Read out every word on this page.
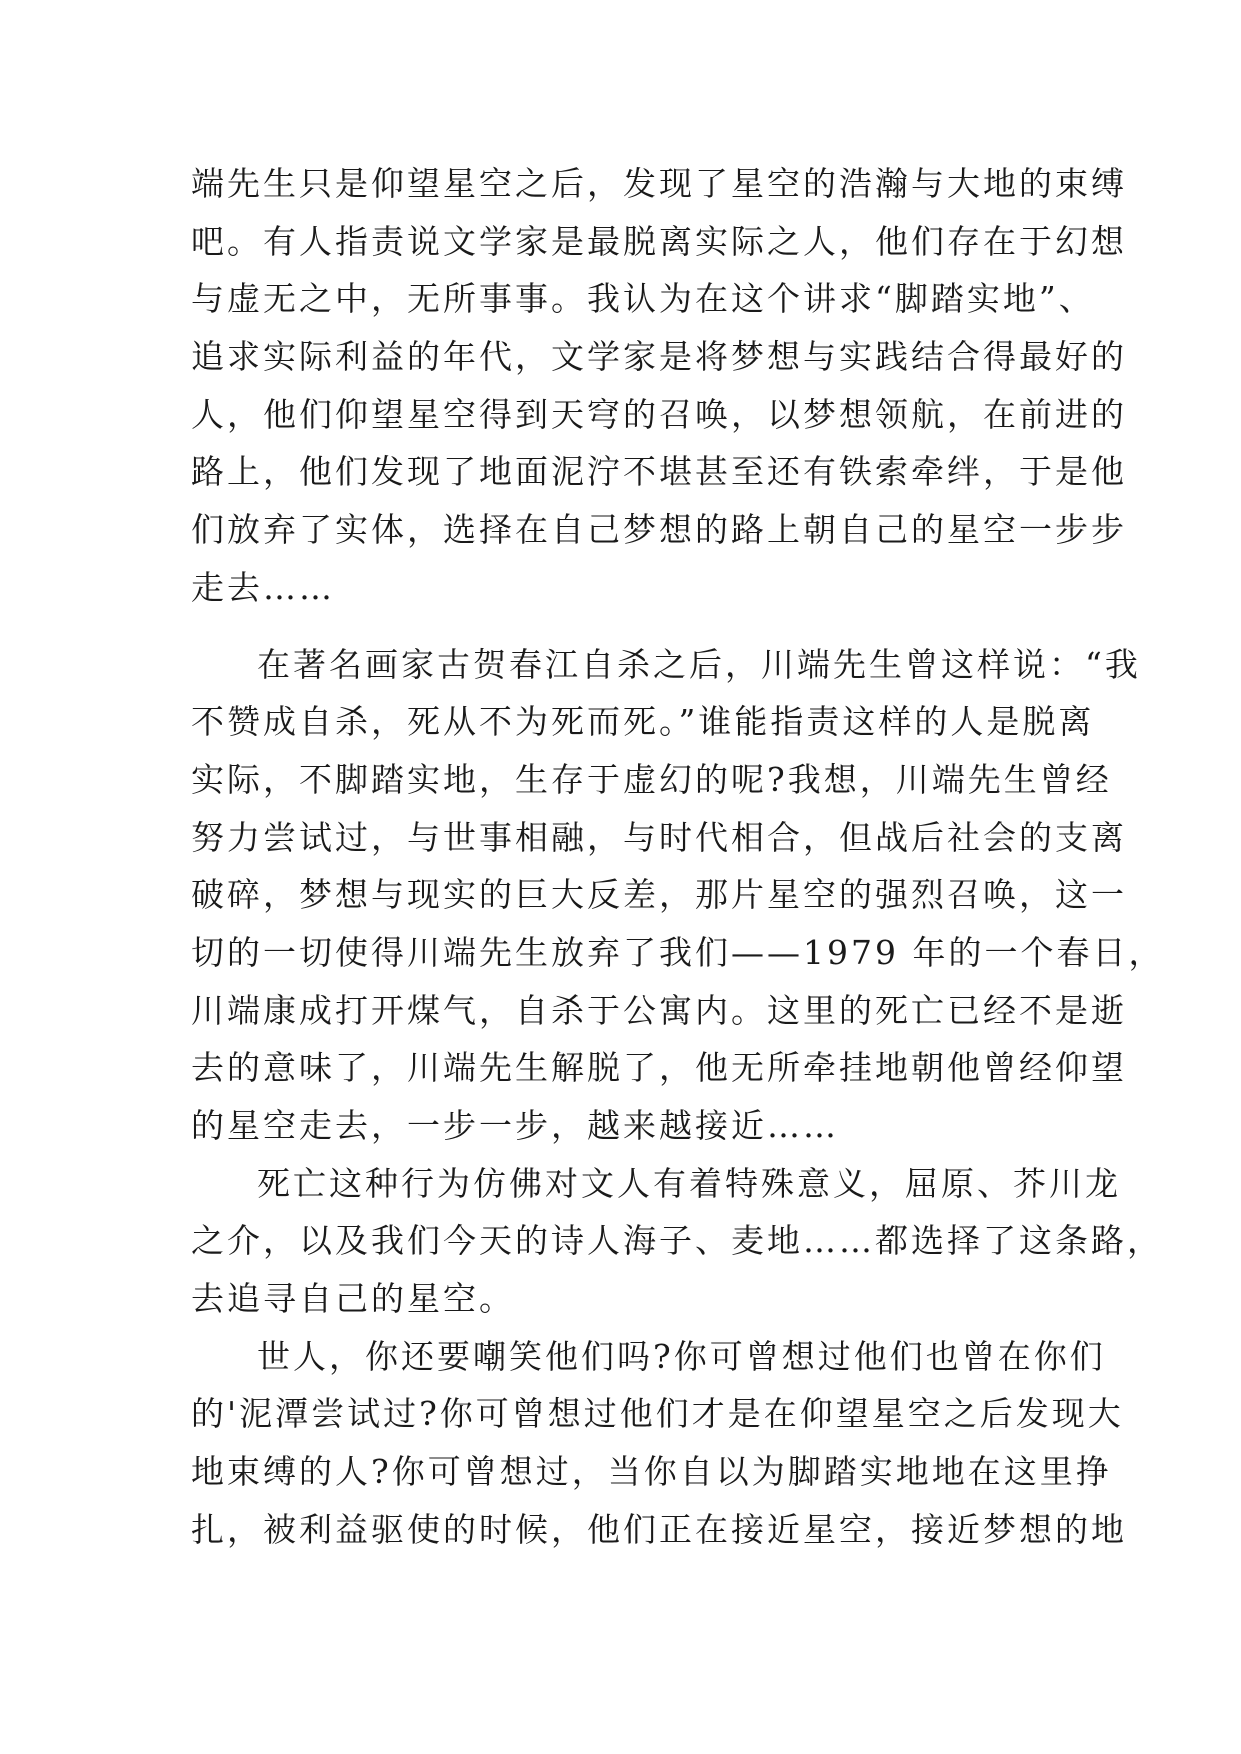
端先生只是仰望星空之后，发现了星空的浩瀚与大地的束缚
吧。有人指责说文学家是最脱离实际之人，他们存在于幻想
与虚无之中，无所事事。我认为在这个讲求“脚踏实地”、
追求实际利益的年代，文学家是将梦想与实践结合得最好的
人，他们仰望星空得到天穹的召唤，以梦想领航，在前进的
路上，他们发现了地面泥泞不堪甚至还有铁索牵绊，于是他
们放弃了实体，选择在自己梦想的路上朝自己的星空一步步
走去……
在著名画家古贺春江自杀之后，川端先生曾这样说：“我
不赞成自杀，死从不为死而死。”谁能指责这样的人是脱离
实际，不脚踏实地，生存于虚幻的呢?我想，川端先生曾经
努力尝试过，与世事相融，与时代相合，但战后社会的支离
破碎，梦想与现实的巨大反差，那片星空的强烈召唤，这一
切的一切使得川端先生放弃了我们——1979 年的一个春日，
川端康成打开煤气，自杀于公寓内。这里的死亡已经不是逝
去的意味了，川端先生解脱了，他无所牵挂地朝他曾经仰望
的星空走去，一步一步，越来越接近……
死亡这种行为仿佛对文人有着特殊意义，屈原、芥川龙
之介，以及我们今天的诗人海子、麦地……都选择了这条路，
去追寻自己的星空。
世人，你还要嘲笑他们吗?你可曾想过他们也曾在你们
的'泥潭尝试过?你可曾想过他们才是在仰望星空之后发现大
地束缚的人?你可曾想过，当你自以为脚踏实地地在这里挣
扎，被利益驱使的时候，他们正在接近星空，接近梦想的地
